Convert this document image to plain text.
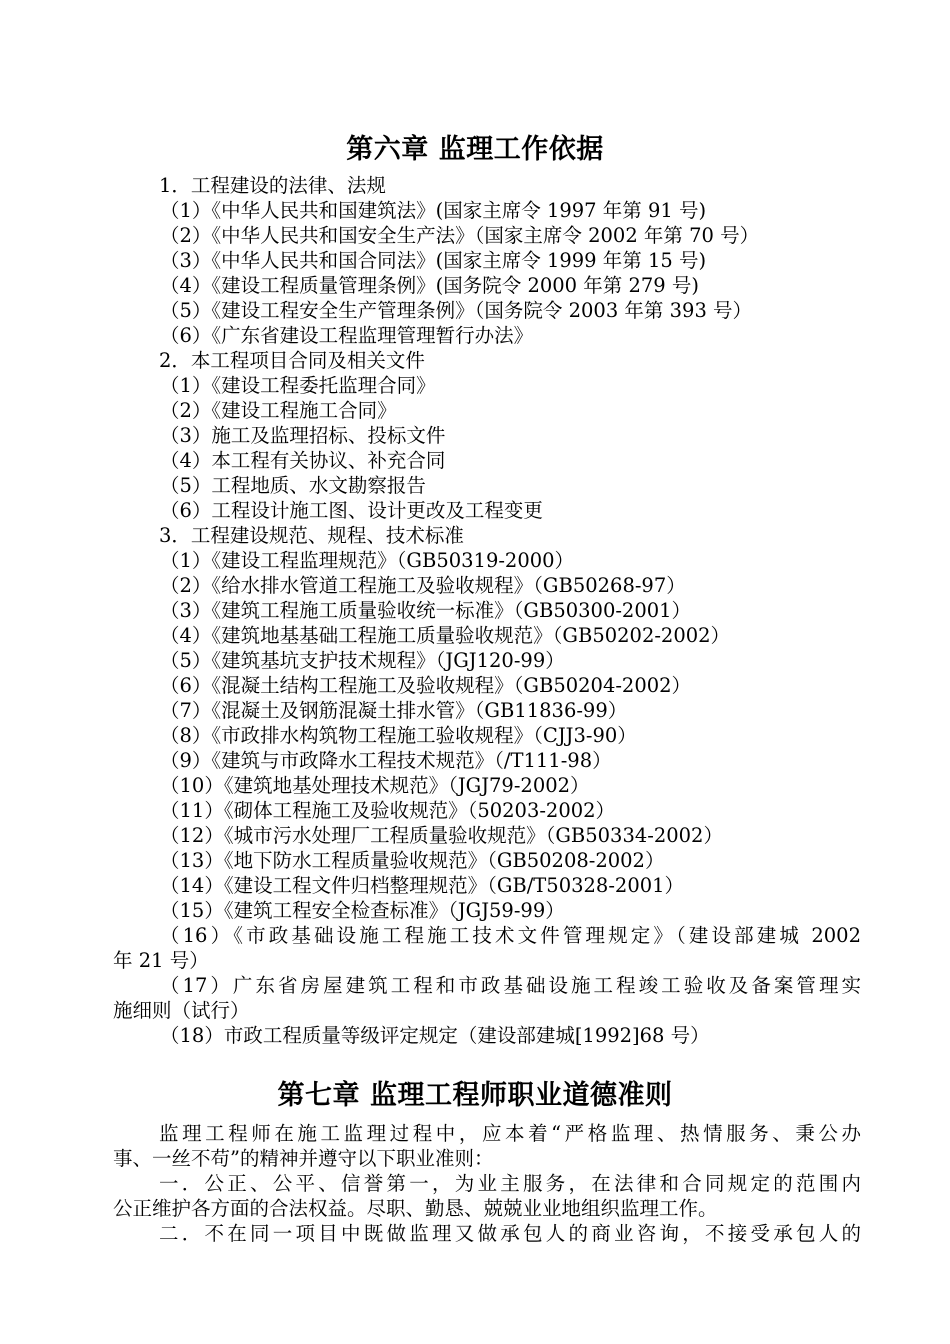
第六章 监理工作依据
1．工程建设的法律、法规
（1）《中华人民共和国建筑法》(国家主席令 1997 年第 91 号)
（2）《中华人民共和国安全生产法》（国家主席令 2002 年第 70 号）
（3）《中华人民共和国合同法》(国家主席令 1999 年第 15 号)
（4）《建设工程质量管理条例》(国务院令 2000 年第 279 号)
（5）《建设工程安全生产管理条例》（国务院令 2003 年第 393 号）
（6）《广东省建设工程监理管理暂行办法》
2．本工程项目合同及相关文件
（1）《建设工程委托监理合同》
（2）《建设工程施工合同》
（3）施工及监理招标、投标文件
（4）本工程有关协议、补充合同
（5）工程地质、水文勘察报告
（6）工程设计施工图、设计更改及工程变更
3．工程建设规范、规程、技术标准
（1）《建设工程监理规范》（GB50319-2000）
（2）《给水排水管道工程施工及验收规程》（GB50268-97）
（3）《建筑工程施工质量验收统一标准》（GB50300-2001）
（4）《建筑地基基础工程施工质量验收规范》（GB50202-2002）
（5）《建筑基坑支护技术规程》（JGJ120-99）
（6）《混凝土结构工程施工及验收规程》（GB50204-2002）
（7）《混凝土及钢筋混凝土排水管》（GB11836-99）
（8）《市政排水构筑物工程施工验收规程》（CJJ3-90）
（9）《建筑与市政降水工程技术规范》（/T111-98）
（10）《建筑地基处理技术规范》（JGJ79-2002）
（11）《砌体工程施工及验收规范》（50203-2002）
（12）《城市污水处理厂工程质量验收规范》（GB50334-2002）
（13）《地下防水工程质量验收规范》（GB50208-2002）
（14）《建设工程文件归档整理规范》（GB/T50328-2001）
（15）《建筑工程安全检查标准》（JGJ59-99）
（16）《市政基础设施工程施工技术文件管理规定》（建设部建城 2002
年 21 号）
（17）广东省房屋建筑工程和市政基础设施工程竣工验收及备案管理实
施细则（试行）
（18）市政工程质量等级评定规定（建设部建城[1992]68 号）
第七章 监理工程师职业道德准则
监理工程师在施工监理过程中，应本着“严格监理、热情服务、秉公办
事、一丝不苟”的精神并遵守以下职业准则：
一．公正、公平、信誉第一，为业主服务，在法律和合同规定的范围内
公正维护各方面的合法权益。尽职、勤恳、兢兢业业地组织监理工作。
二．不在同一项目中既做监理又做承包人的商业咨询，不接受承包人的
